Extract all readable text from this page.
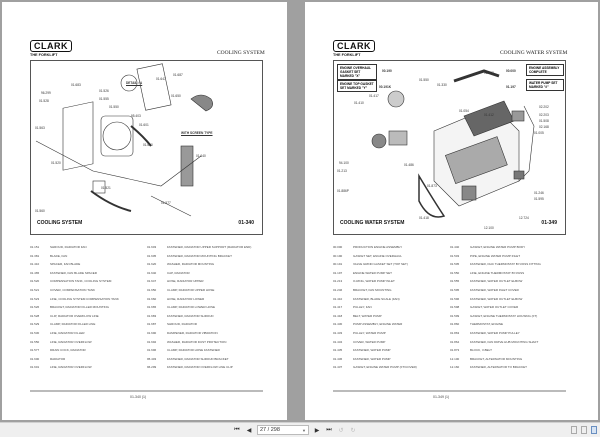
CLARK
THE FORKLIFT	COOLING SYSTEM
01.683
96.299	01.526
01.555
01.528
01.550
95.403
01.601
01.563
01.647
01.687
01.650
01.660
01.640
01.577
01.520
01.560
01.521
DETAIL : A
WITH SCREEN TYPE
COOLING SYSTEM	01-340
01.151	SHROUD, RADIATOR FAN
01.381	BLADE, FAN
01.410	SPACER, FAN BLADE
01.465	FASTENER, FAN BLADE SPACER
01.520	COMPENSATION TANK, COOLING SYSTEM
01.521	COVER, COMPENSATION TANK
01.523	LINE, COOLING SYSTEM COMPENSATION TANK
01.526	BRACKET, RADIATOR FILLER MOUNTING
01.528	CLIP, RADIATOR OVERFLOW LINE
01.529	CLAMP, RADIATOR FILLER LINE
01.530	LINE, RADIATOR FILLER
01.550	LINE, RADIATOR OVERFLOW
01.577	DRAIN COCK, RADIATOR
01.600	RADIATOR
01.601	LINE, RADIATOR OVERFLOW
01.603	FASTENER, RADIATOR UPPER SUPPORT (RADIATOR END)
01.605	FASTENER, RADIATOR MOUNTING BRACKET
01.620	WASHER, RADIATOR MOUNTING
01.640	CAP, RADIATOR
01.647	HOSE, RADIATOR UPPER
01.650	CLAMP, RADIATOR UPPER HOSE
01.660	HOSE, RADIATOR LOWER
01.665	CLAMP, RADIATOR LOWER HOSE
01.683	FASTENER, RADIATOR SHROUD
01.687	SHROUD, RADIATOR
01.690	DAMPENER, RADIATOR VIBRATION
01.692	WASHER, RADIATOR DUST PROTECTION
01.696	CLAMP, RADIATOR HOSE FASTENER
95.403	FASTENER, RADIATOR SHROUD BRACKET
96.299	FASTENER, RADIATOR OVERFLOW LINE CLIP
01-340 (1)
CLARK
THE FORKLIFT	COOLING WATER SYSTEM
ENGINE OVERHAUL GASKET SET MARKED "X"
00.190
ENGINE TOP GASKET SET MARKED "Y"	00.191K
ENGINE ASSEMBLY COMPLETE
00.000
WATER PUMP SET MARKED "#"
01.197
01.503
01.330
01.550
01.417
01.410
01.054
01.412
02.202
02.203
01.508
02.168
01.005
94.100
01.213
01.486
01.886P
01.873
01.246
01.595
12.724
12.100
01.418
COOLING WATER SYSTEM	01-349
00.000	PRODUCTION ENGINE ASSEMBLY
00.190	GASKET SET, ENGINE OVERHAUL
00.191	VALVE GRIND GASKET SET (TOP SET)
01.197	ENGINE WATER PUMP SET
01.213	O-RING, WATER PUMP INLET
01.246	BRACKET, FAN MOUNTING
01.410	FASTENER, BLADE SCALE (FAN)
01.417	PULLEY, FAN
01.418	BELT, WATER PUMP
01.430	PUMP ASSEMBLY, ENGINE WATER
01.433	PULLEY, WATER PUMP
01.434	COVER, WATER PUMP
01.435	FASTENER, WATER PUMP
01.436	FASTENER, WATER PUMP
01.437	GASKET, ENGINE WATER PUMP (FT/COVER)
01.440	GASKET, ENGINE WATER PUMP BODY
01.503	PIPE, ENGINE WATER PUMP INLET
01.505	FASTENER, DHC THERMOSTAT BY-PASS FITTING
01.550	LINE, ENGINE THERMOSTAT BY-PASS
01.555	FASTENER, WATER OUTLET ELBOW
01.595	FASTENER, WATER INLET COVER
01.596	FASTENER, WATER OUTLET ELBOW
01.598	GASKET, WATER OUTLET COVER
01.599	GASKET, ENGINE THERMOSTAT HOUSING (FT)
01.860	THERMOSTAT, ENGINE
01.863	FASTENER, WATER PUMP PULLEY
01.864	FASTENER, FAN DRIVE HUB MOUNTING SHAFT
01.873	BLOCK, V-BELT
12.100	BRACKET, ALTERNATOR MOUNTING
12.160	FASTENER, ALTERNATOR TO BRACKET
01-349 (1)
⏮ ◀ 27 / 298	▼ ▶ ⏭ ↺ ↻
